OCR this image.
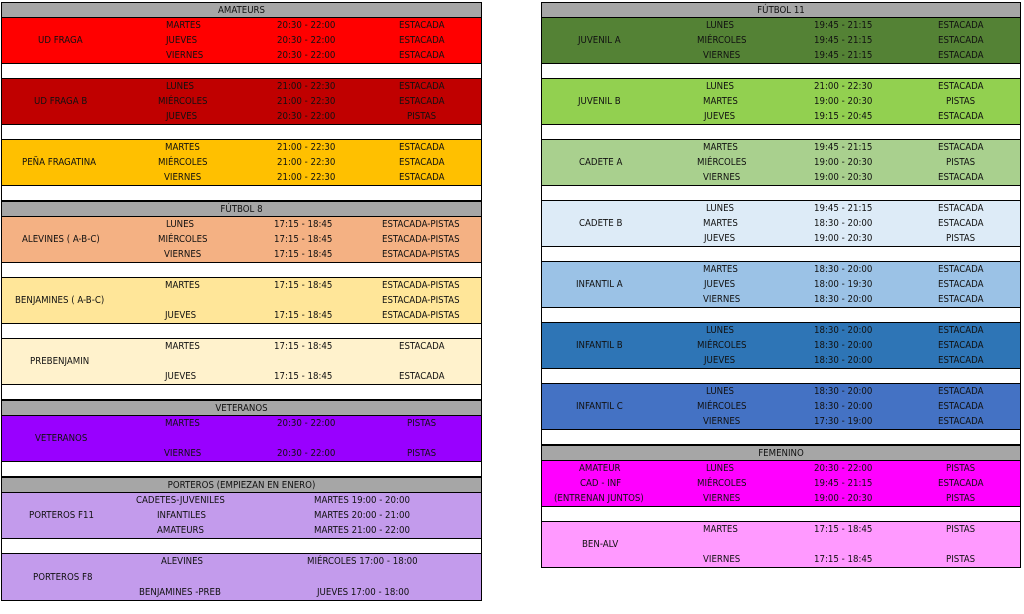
AMATEURS
UD FRAGA
MARTES	20:30 - 22:00	ESTACADA
JUEVES	20:30 - 22:00	ESTACADA
VIERNES	20:30 - 22:00	ESTACADA
UD FRAGA B
LUNES	21:00 - 22:30	ESTACADA
MIÉRCOLES	21:00 - 22:30	ESTACADA
JUEVES	20:30 - 22:00	PISTAS
PEÑA FRAGATINA
MARTES	21:00 - 22:30	ESTACADA
MIÉRCOLES	21:00 - 22:30	ESTACADA
VIERNES	21:00 - 22:30	ESTACADA
FÚTBOL 8
ALEVINES ( A-B-C)
LUNES	17:15 - 18:45	ESTACADA-PISTAS
MIÉRCOLES	17:15 - 18:45	ESTACADA-PISTAS
VIERNES	17:15 - 18:45	ESTACADA-PISTAS
BENJAMINES ( A-B-C)
MARTES	17:15 - 18:45	ESTACADA-PISTAS
ESTACADA-PISTAS
JUEVES	17:15 - 18:45	ESTACADA-PISTAS
PREBENJAMIN
MARTES	17:15 - 18:45	ESTACADA
JUEVES	17:15 - 18:45	ESTACADA
VETERANOS
VETERANOS
MARTES	20:30 - 22:00	PISTAS
VIERNES	20:30 - 22:00	PISTAS
PORTEROS (EMPIEZAN EN ENERO)
PORTEROS F11
CADETES-JUVENILES	MARTES 19:00 - 20:00
INFANTILES	MARTES 20:00 - 21:00
AMATEURS	MARTES 21:00 - 22:00
PORTEROS F8
ALEVINES	MIÉRCOLES 17:00 - 18:00
BENJAMINES -PREB	JUEVES 17:00 - 18:00
FÚTBOL 11
JUVENIL A
LUNES	19:45 - 21:15	ESTACADA
MIÉRCOLES	19:45 - 21:15	ESTACADA
VIERNES	19:45 - 21:15	ESTACADA
JUVENIL B
LUNES	21:00 - 22:30	ESTACADA
MARTES	19:00 - 20:30	PISTAS
JUEVES	19:15 - 20:45	ESTACADA
CADETE A
MARTES	19:45 - 21:15	ESTACADA
MIÉRCOLES	19:00 - 20:30	PISTAS
VIERNES	19:00 - 20:30	ESTACADA
CADETE B
LUNES	19:45 - 21:15	ESTACADA
MARTES	18:30 - 20:00	ESTACADA
JUEVES	19:00 - 20:30	PISTAS
INFANTIL A
MARTES	18:30 - 20:00	ESTACADA
JUEVES	18:00 - 19:30	ESTACADA
VIERNES	18:30 - 20:00	ESTACADA
INFANTIL B
LUNES	18:30 - 20:00	ESTACADA
MIÉRCOLES	18:30 - 20:00	ESTACADA
JUEVES	18:30 - 20:00	ESTACADA
INFANTIL C
LUNES	18:30 - 20:00	ESTACADA
MIÉRCOLES	18:30 - 20:00	ESTACADA
VIERNES	17:30 - 19:00	ESTACADA
FEMENINO
AMATEUR
CAD - INF
(ENTRENAN JUNTOS)
LUNES	20:30 - 22:00	PISTAS
MIÉRCOLES	19:45 - 21:15	ESTACADA
VIERNES	19:00 - 20:30	PISTAS
BEN-ALV
MARTES	17:15 - 18:45	PISTAS
VIERNES	17:15 - 18:45	PISTAS
